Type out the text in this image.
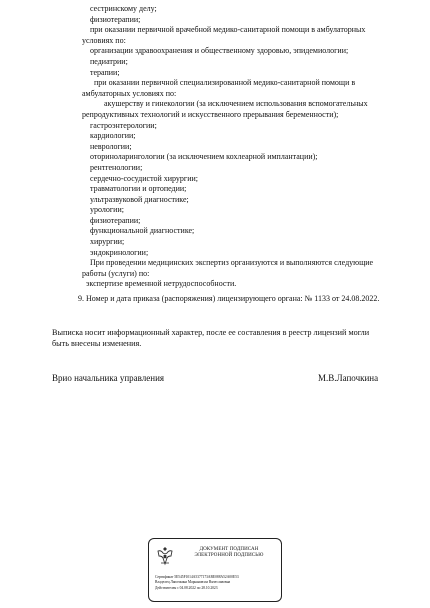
сестринскому делу;
физиотерапии;
при оказании первичной врачебной медико-санитарной помощи в амбулаторных
условиях по:
организации здравоохранения и общественному здоровью, эпидемиологии;
педиатрии;
терапии;
при оказании первичной специализированной медико-санитарной помощи в
амбулаторных условиях по:
акушерству и гинекологии (за исключением использования вспомогательных
репродуктивных технологий и искусственного прерывания беременности);
гастроэнтерологии;
кардиологии;
неврологии;
оториноларингологии (за исключением кохлеарной имплантации);
рентгенологии;
сердечно-сосудистой хирургии;
травматологии и ортопедии;
ультразвуковой диагностике;
урологии;
физиотерапии;
функциональной диагностике;
хирургии;
эндокринологии;
При проведении медицинских экспертиз организуются и выполняются следующие
работы (услуги) по:
экспертизе временной нетрудоспособности.
9. Номер и дата приказа (распоряжения) лицензирующего органа: № 1133 от 24.08.2022.
Выписка носит информационный характер, после ее составления в реестр лицензий могли быть внесены изменения.
Врио начальника управления	М.В.Лапочкина
ДОКУМЕНТ ПОДПИСАН
ЭЛЕКТРОННОЙ ПОДПИСЬЮ
Сертификат 5E545F1014A5377173ABE088A52A00E53
Владелец Лапочкина Марьяновзла Вячеславовна
Действителен с 04.08.2022 по 28.10.2023
